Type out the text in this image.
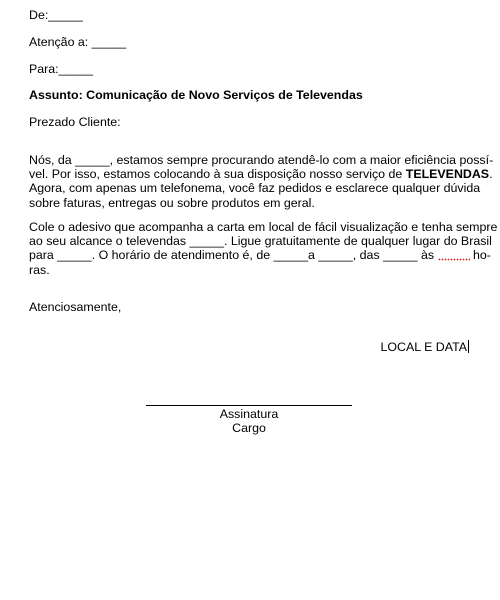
De:_____
Atenção a: _____
Para:_____
Assunto: Comunicação de Novo Serviços de Televendas
Prezado Cliente:
Nós, da _____, estamos sempre procurando atendê-lo com a maior eficiência possí-
vel. Por isso, estamos colocando à sua disposição nosso serviço de TELEVENDAS.
Agora, com apenas um telefonema, você faz pedidos e esclarece qualquer dúvida
sobre faturas, entregas ou sobre produtos em geral.
Cole o adesivo que acompanha a carta em local de fácil visualização e tenha sempre
ao seu alcance o televendas _____. Ligue gratuitamente de qualquer lugar do Brasil
para _____. O horário de atendimento é, de _____a _____, das _____ às	ho-
ras.
Atenciosamente,
LOCAL E DATA
Assinatura
Cargo
